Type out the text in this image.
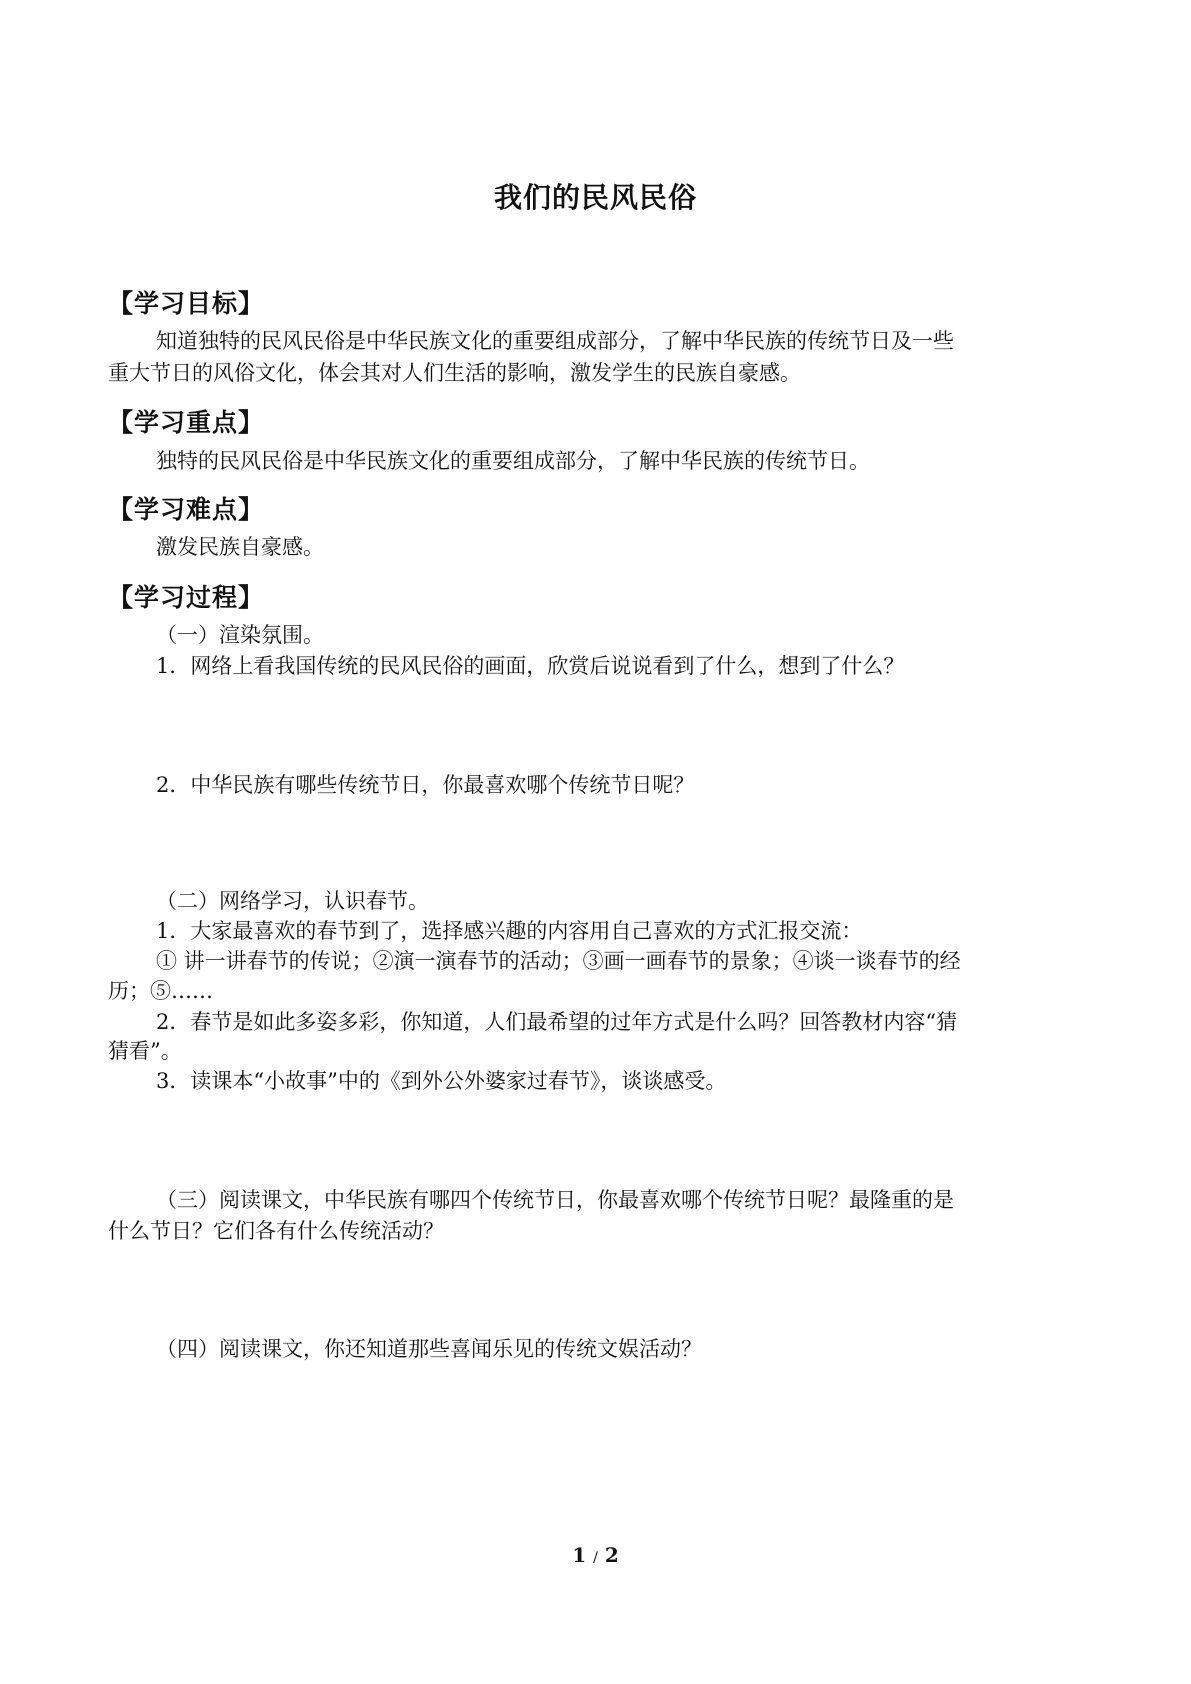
我们的民风民俗
【学习目标】
知道独特的民风民俗是中华民族文化的重要组成部分，了解中华民族的传统节日及一些
重大节日的风俗文化，体会其对人们生活的影响，激发学生的民族自豪感。
【学习重点】
独特的民风民俗是中华民族文化的重要组成部分，了解中华民族的传统节日。
【学习难点】
激发民族自豪感。
【学习过程】
（一）渲染氛围。
1．网络上看我国传统的民风民俗的画面，欣赏后说说看到了什么，想到了什么？
2．中华民族有哪些传统节日，你最喜欢哪个传统节日呢？
（二）网络学习，认识春节。
1．大家最喜欢的春节到了，选择感兴趣的内容用自己喜欢的方式汇报交流：
① 讲一讲春节的传说；②演一演春节的活动；③画一画春节的景象；④谈一谈春节的经
历；⑤……
2．春节是如此多姿多彩，你知道，人们最希望的过年方式是什么吗？回答教材内容“猜
猜看”。
3．读课本“小故事”中的《到外公外婆家过春节》，谈谈感受。
（三）阅读课文，中华民族有哪四个传统节日，你最喜欢哪个传统节日呢？最隆重的是
什么节日？它们各有什么传统活动？
（四）阅读课文，你还知道那些喜闻乐见的传统文娱活动？
1 / 2
